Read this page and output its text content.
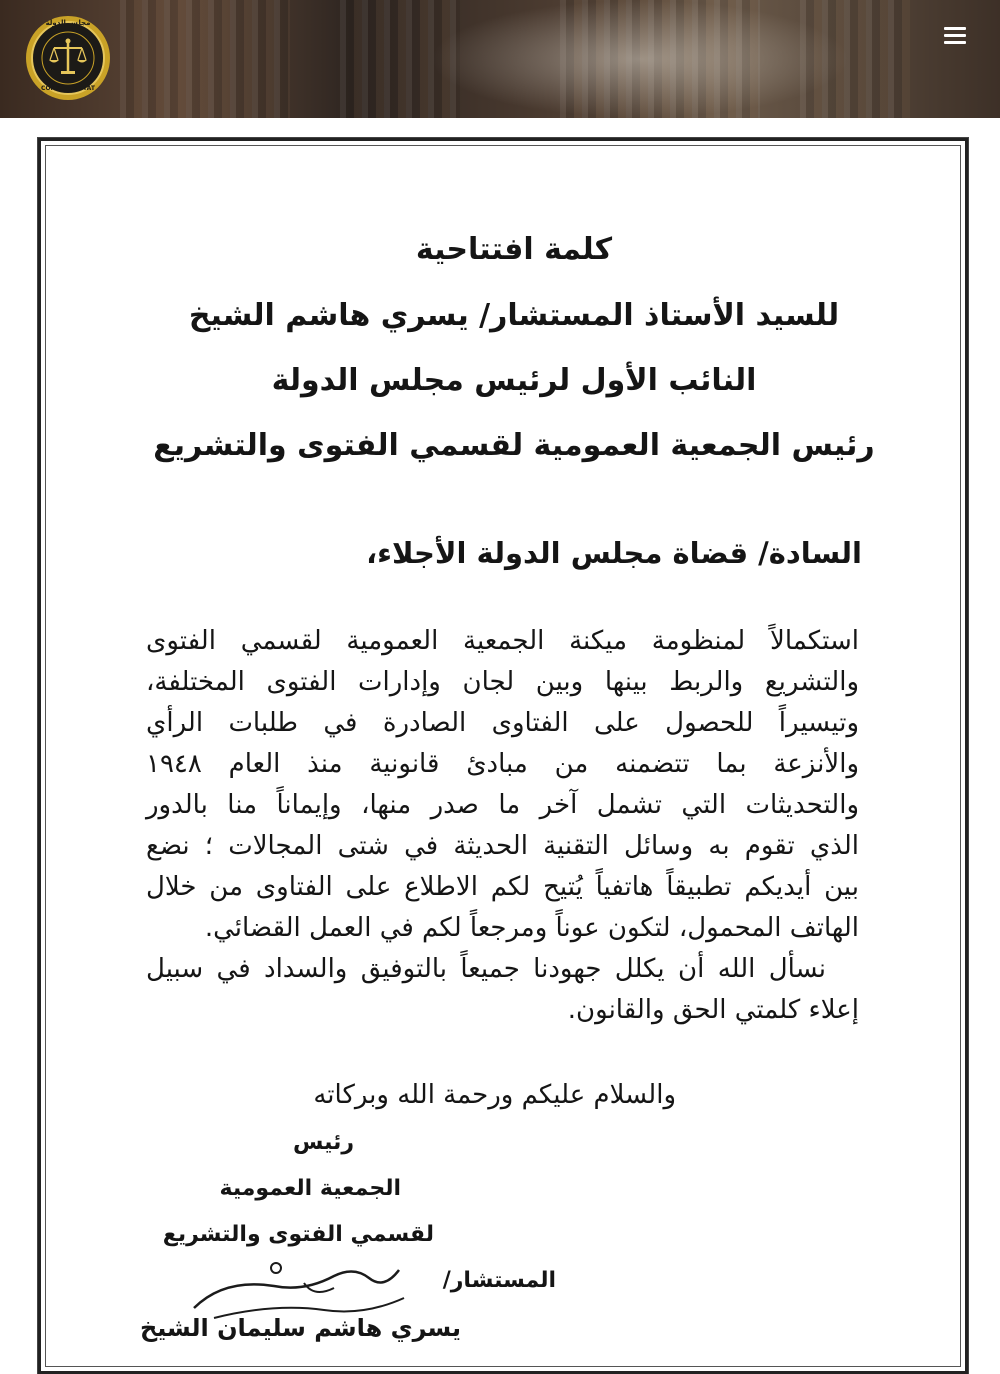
مجلس الدولة
CONSEIL D'ETAT
كلمة افتتاحية
للسيد الأستاذ المستشار/ يسري هاشم الشيخ
النائب الأول لرئيس مجلس الدولة
رئيس الجمعية العمومية لقسمي الفتوى والتشريع
السادة/ قضاة مجلس الدولة الأجلاء،
استكمالاً لمنظومة ميكنة الجمعية العمومية لقسمي الفتوى
والتشريع والربط بينها وبين لجان وإدارات الفتوى المختلفة،
وتيسيراً للحصول على الفتاوى الصادرة في طلبات الرأي
والأنزعة بما تتضمنه من مبادئ قانونية منذ العام ١٩٤٨
والتحديثات التي تشمل آخر ما صدر منها، وإيماناً منا بالدور
الذي تقوم به وسائل التقنية الحديثة في شتى المجالات ؛ نضع
بين أيديكم تطبيقاً هاتفياً يُتيح لكم الاطلاع على الفتاوى من خلال
الهاتف المحمول، لتكون عوناً ومرجعاً لكم في العمل القضائي.
نسأل الله أن يكلل جهودنا جميعاً بالتوفيق والسداد في سبيل
إعلاء كلمتي الحق والقانون.
والسلام عليكم ورحمة الله وبركاته
رئيس
الجمعية العمومية
لقسمي الفتوى والتشريع
المستشار/
يسري هاشم سليمان الشيخ
